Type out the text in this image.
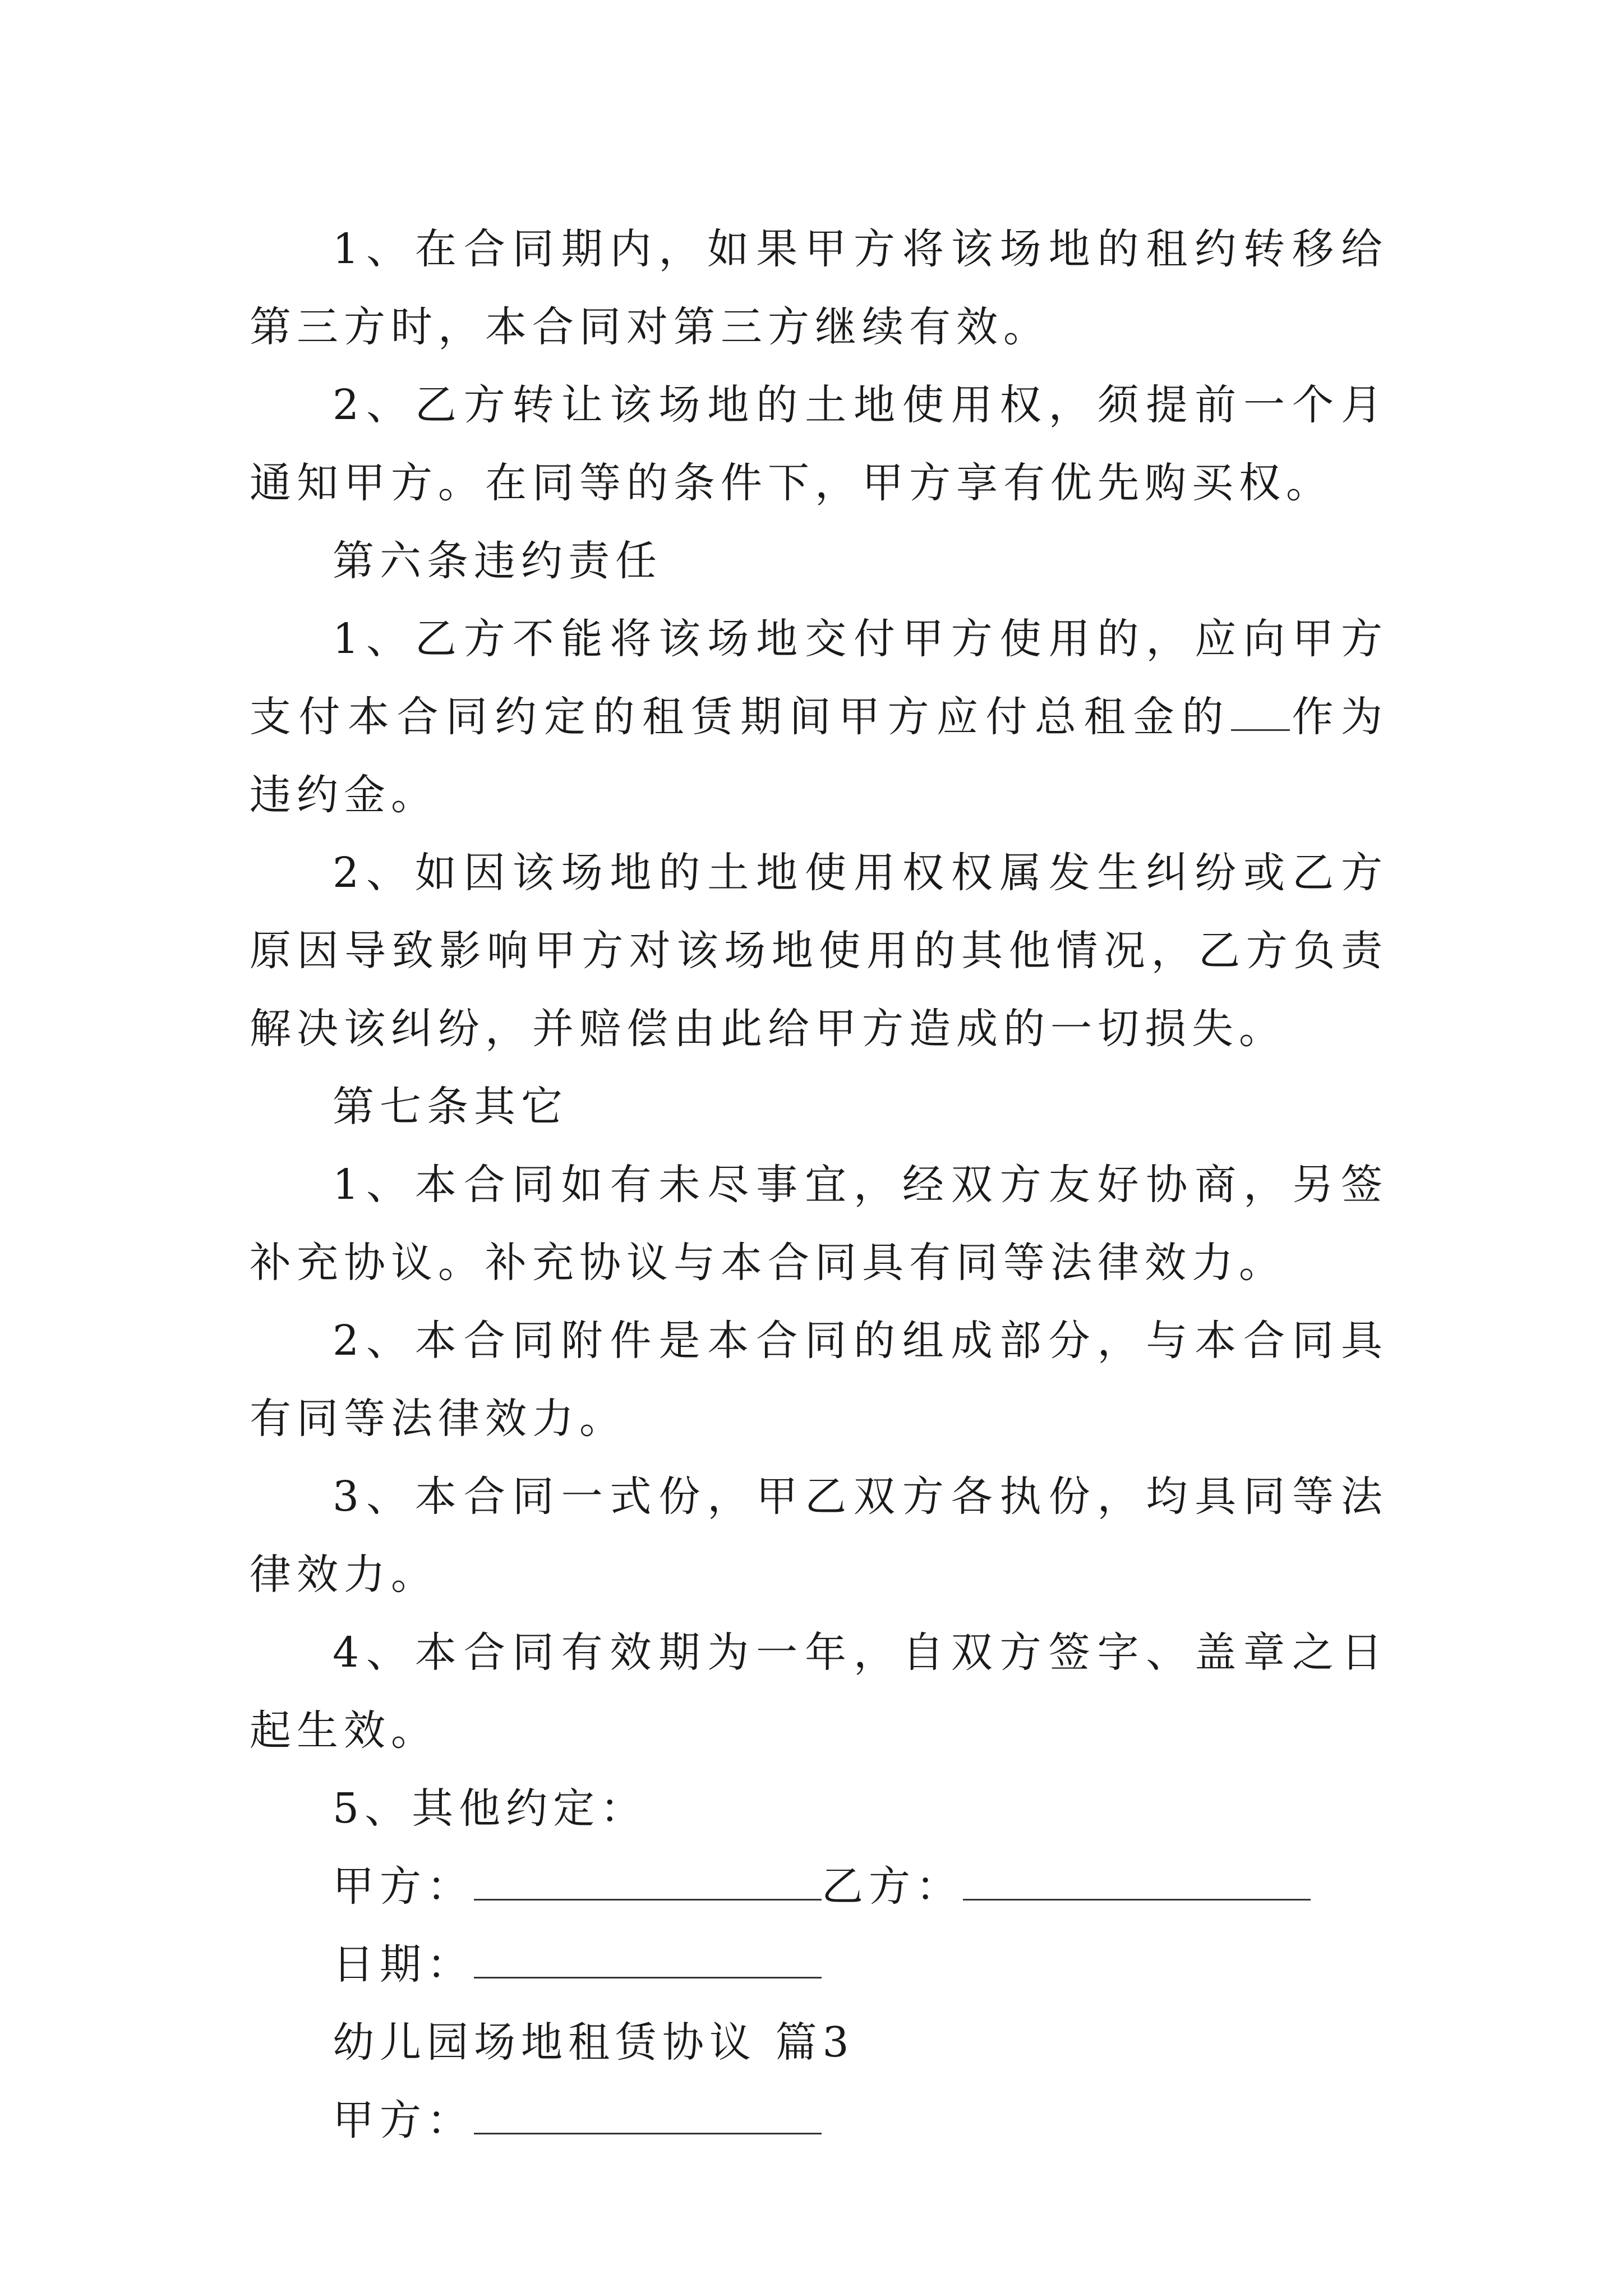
1、在合同期内，如果甲方将该场地的租约转移给第三方时，本合同对第三方继续有效。

2、乙方转让该场地的土地使用权，须提前一个月通知甲方。在同等的条件下，甲方享有优先购买权。

第六条违约责任

1、乙方不能将该场地交付甲方使用的，应向甲方支付本合同约定的租赁期间甲方应付总租金的 作为违约金。

2、如因该场地的土地使用权权属发生纠纷或乙方原因导致影响甲方对该场地使用的其他情况，乙方负责解决该纠纷，并赔偿由此给甲方造成的一切损失。

第七条其它

1、本合同如有未尽事宜，经双方友好协商，另签补充协议。补充协议与本合同具有同等法律效力。

2、本合同附件是本合同的组成部分，与本合同具有同等法律效力。

3、本合同一式份，甲乙双方各执份，均具同等法律效力。

4、本合同有效期为一年，自双方签字、盖章之日起生效。

5、其他约定：

甲方：	乙方：

日期：

幼儿园场地租赁协议 篇3

甲方：
